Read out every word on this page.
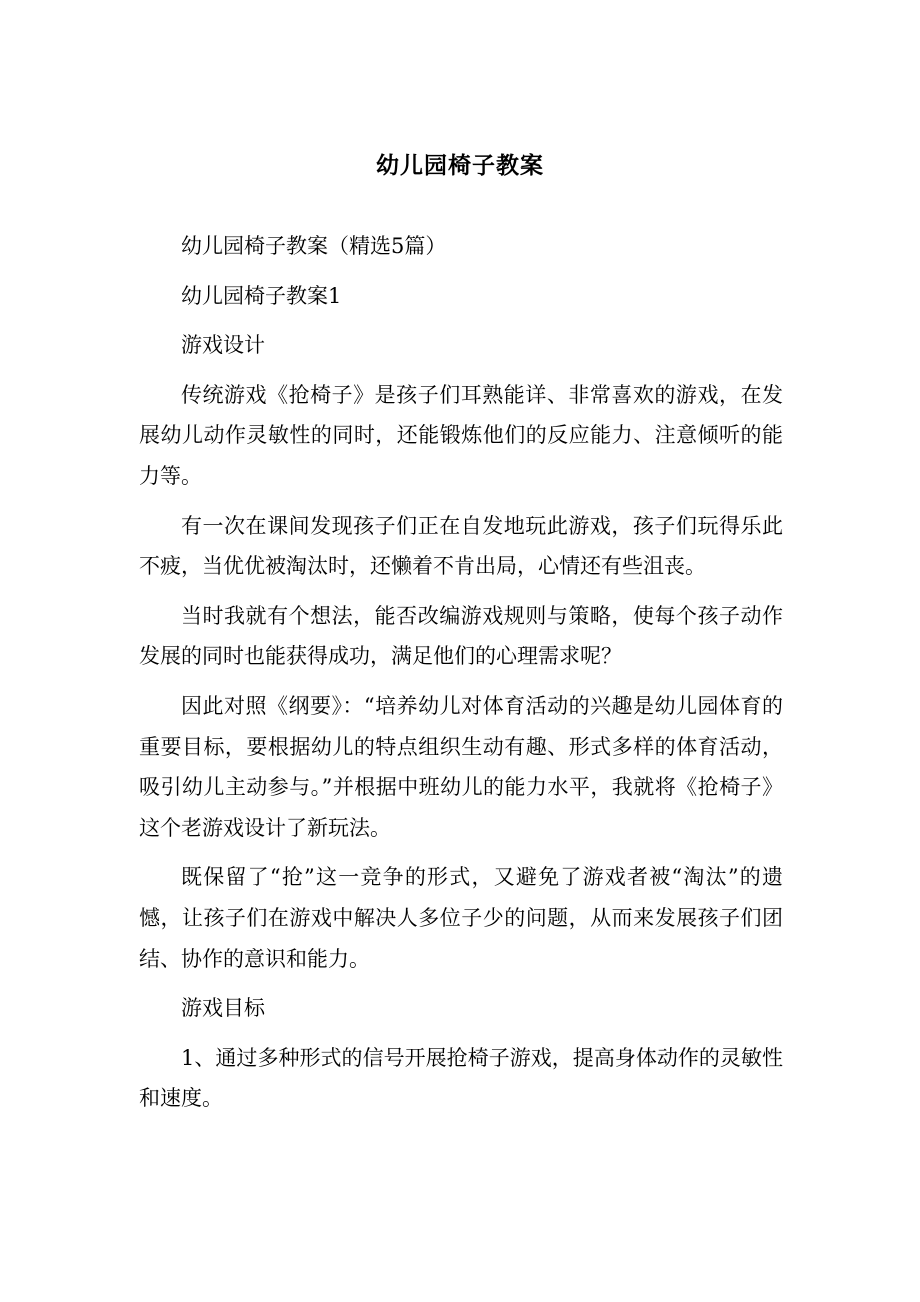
幼儿园椅子教案

幼儿园椅子教案（精选5篇）

幼儿园椅子教案1

游戏设计

传统游戏《抢椅子》是孩子们耳熟能详、非常喜欢的游戏，在发展幼儿动作灵敏性的同时，还能锻炼他们的反应能力、注意倾听的能力等。

有一次在课间发现孩子们正在自发地玩此游戏，孩子们玩得乐此不疲，当优优被淘汰时，还懒着不肯出局，心情还有些沮丧。

当时我就有个想法，能否改编游戏规则与策略，使每个孩子动作发展的同时也能获得成功，满足他们的心理需求呢？

因此对照《纲要》：“培养幼儿对体育活动的兴趣是幼儿园体育的重要目标，要根据幼儿的特点组织生动有趣、形式多样的体育活动，吸引幼儿主动参与。”并根据中班幼儿的能力水平，我就将《抢椅子》这个老游戏设计了新玩法。

既保留了“抢”这一竞争的形式，又避免了游戏者被“淘汰”的遗憾，让孩子们在游戏中解决人多位子少的问题，从而来发展孩子们团结、协作的意识和能力。

游戏目标

1、通过多种形式的信号开展抢椅子游戏，提高身体动作的灵敏性和速度。
